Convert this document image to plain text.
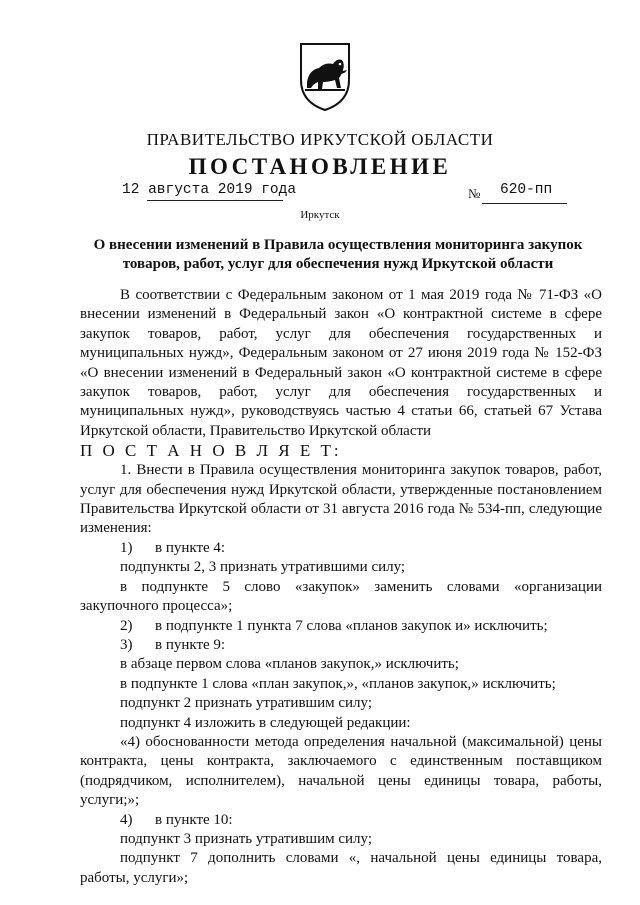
ПРАВИТЕЛЬСТВО ИРКУТСКОЙ ОБЛАСТИ
ПОСТАНОВЛЕНИЕ
12 августа 2019 года	№ 620-пп
Иркутск
О внесении изменений в Правила осуществления мониторинга закупок товаров, работ, услуг для обеспечения нужд Иркутской области

В соответствии с Федеральным законом от 1 мая 2019 года № 71-ФЗ «О внесении изменений в Федеральный закон «О контрактной системе в сфере закупок товаров, работ, услуг для обеспечения государственных и муниципальных нужд», Федеральным законом от 27 июня 2019 года № 152-ФЗ «О внесении изменений в Федеральный закон «О контрактной системе в сфере закупок товаров, работ, услуг для обеспечения государственных и муниципальных нужд», руководствуясь частью 4 статьи 66, статьей 67 Устава Иркутской области, Правительство Иркутской области

П О С Т А Н О В Л Я Е Т:

1. Внести в Правила осуществления мониторинга закупок товаров, работ, услуг для обеспечения нужд Иркутской области, утвержденные постановлением Правительства Иркутской области от 31 августа 2016 года № 534-пп, следующие изменения:

1)      в пункте 4:

подпункты 2, 3 признать утратившими силу;

в подпункте 5 слово «закупок» заменить словами «организации закупочного процесса»;

2)      в подпункте 1 пункта 7 слова «планов закупок и» исключить;

3)      в пункте 9:

в абзаце первом слова «планов закупок,» исключить;

в подпункте 1 слова «план закупок,», «планов закупок,» исключить;

подпункт 2 признать утратившим силу;

подпункт 4 изложить в следующей редакции:

«4) обоснованности метода определения начальной (максимальной) цены контракта, цены контракта, заключаемого с единственным поставщиком (подрядчиком, исполнителем), начальной цены единицы товара, работы, услуги;»;

4)      в пункте 10:

подпункт 3 признать утратившим силу;

подпункт 7 дополнить словами «, начальной цены единицы товара, работы, услуги»;
